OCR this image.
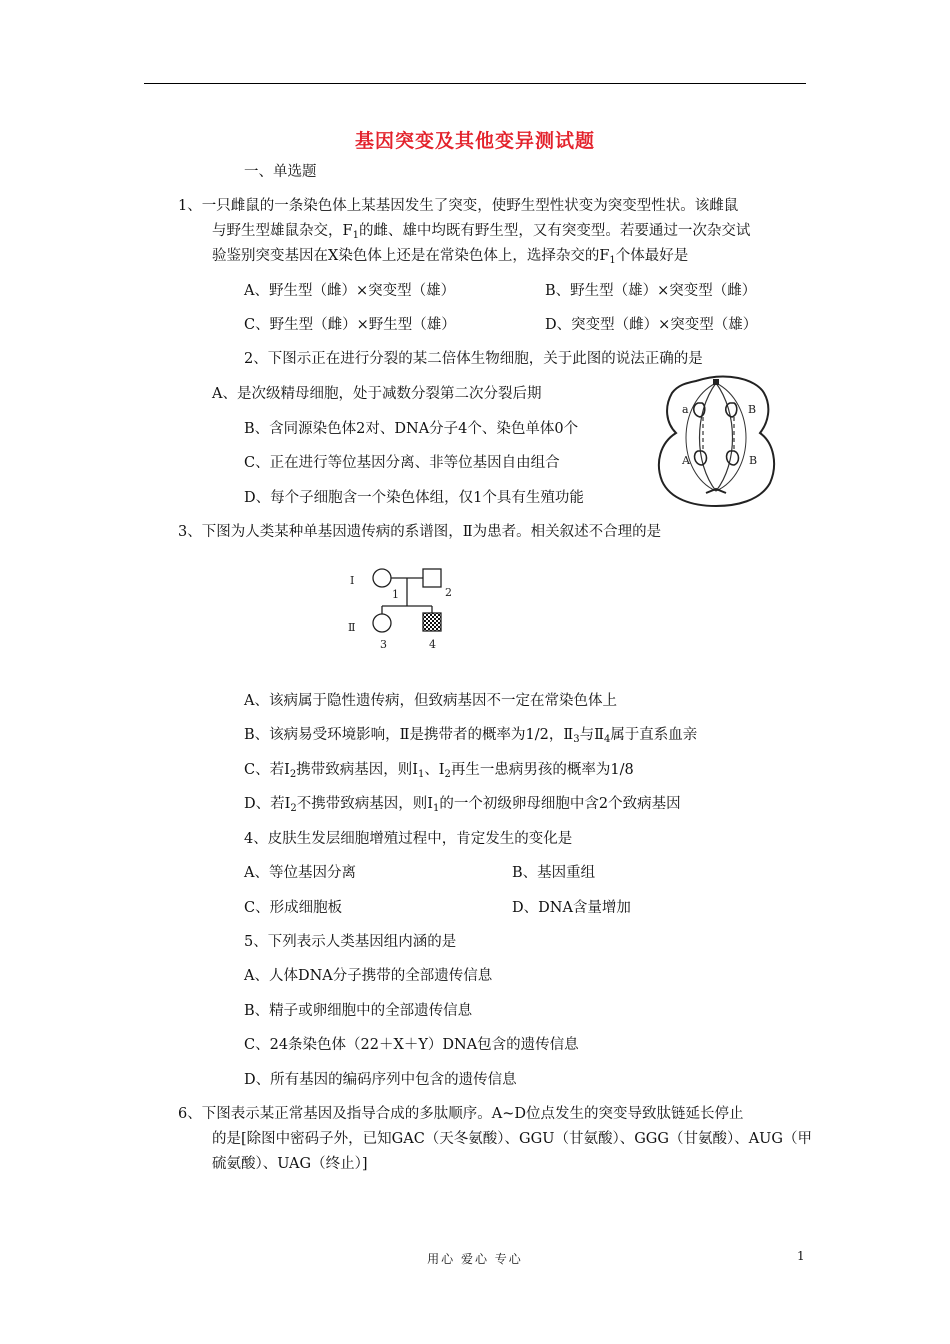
基因突变及其他变异测试题
一、单选题
1、一只雌鼠的一条染色体上某基因发生了突变，使野生型性状变为突变型性状。该雌鼠
与野生型雄鼠杂交，$F_1$的雌、雄中均既有野生型，又有突变型。若要通过一次杂交试
验鉴别突变基因在X染色体上还是在常染色体上，选择杂交的$F_1$个体最好是
A、野生型（雌）×突变型（雄）	B、野生型（雄）×突变型（雌）
C、野生型（雌）×野生型（雄）	D、突变型（雌）×突变型（雄）
2、下图示正在进行分裂的某二倍体生物细胞，关于此图的说法正确的是
A、是次级精母细胞，处于减数分裂第二次分裂后期
B、含同源染色体2对、DNA分子4个、染色单体0个
C、正在进行等位基因分离、非等位基因自由组合
D、每个子细胞含一个染色体组，仅1个具有生殖功能
a	B
A	B
3、下图为人类某种单基因遗传病的系谱图，Ⅱ为患者。相关叙述不合理的是
Ⅰ
Ⅱ
1	2
3	4
A、该病属于隐性遗传病，但致病基因不一定在常染色体上
B、该病易受环境影响，Ⅱ是携带者的概率为1/2，$Ⅱ_3$与$Ⅱ_4$属于直系血亲
C、若$Ⅰ_2$携带致病基因，则$Ⅰ_1$、$Ⅰ_2$再生一患病男孩的概率为1/8
D、若$Ⅰ_2$不携带致病基因，则$Ⅰ_1$的一个初级卵母细胞中含2个致病基因
4、皮肤生发层细胞增殖过程中，肯定发生的变化是
A、等位基因分离	B、基因重组
C、形成细胞板	D、DNA含量增加
5、下列表示人类基因组内涵的是
A、人体DNA分子携带的全部遗传信息
B、精子或卵细胞中的全部遗传信息
C、24条染色体（22＋X＋Y）DNA包含的遗传信息
D、所有基因的编码序列中包含的遗传信息
6、下图表示某正常基因及指导合成的多肽顺序。A~D位点发生的突变导致肽链延长停止
的是[除图中密码子外，已知GAC（天冬氨酸）、GGU（甘氨酸）、GGG（甘氨酸）、AUG（甲
硫氨酸）、UAG（终止）]
用心 爱心 专心	1
